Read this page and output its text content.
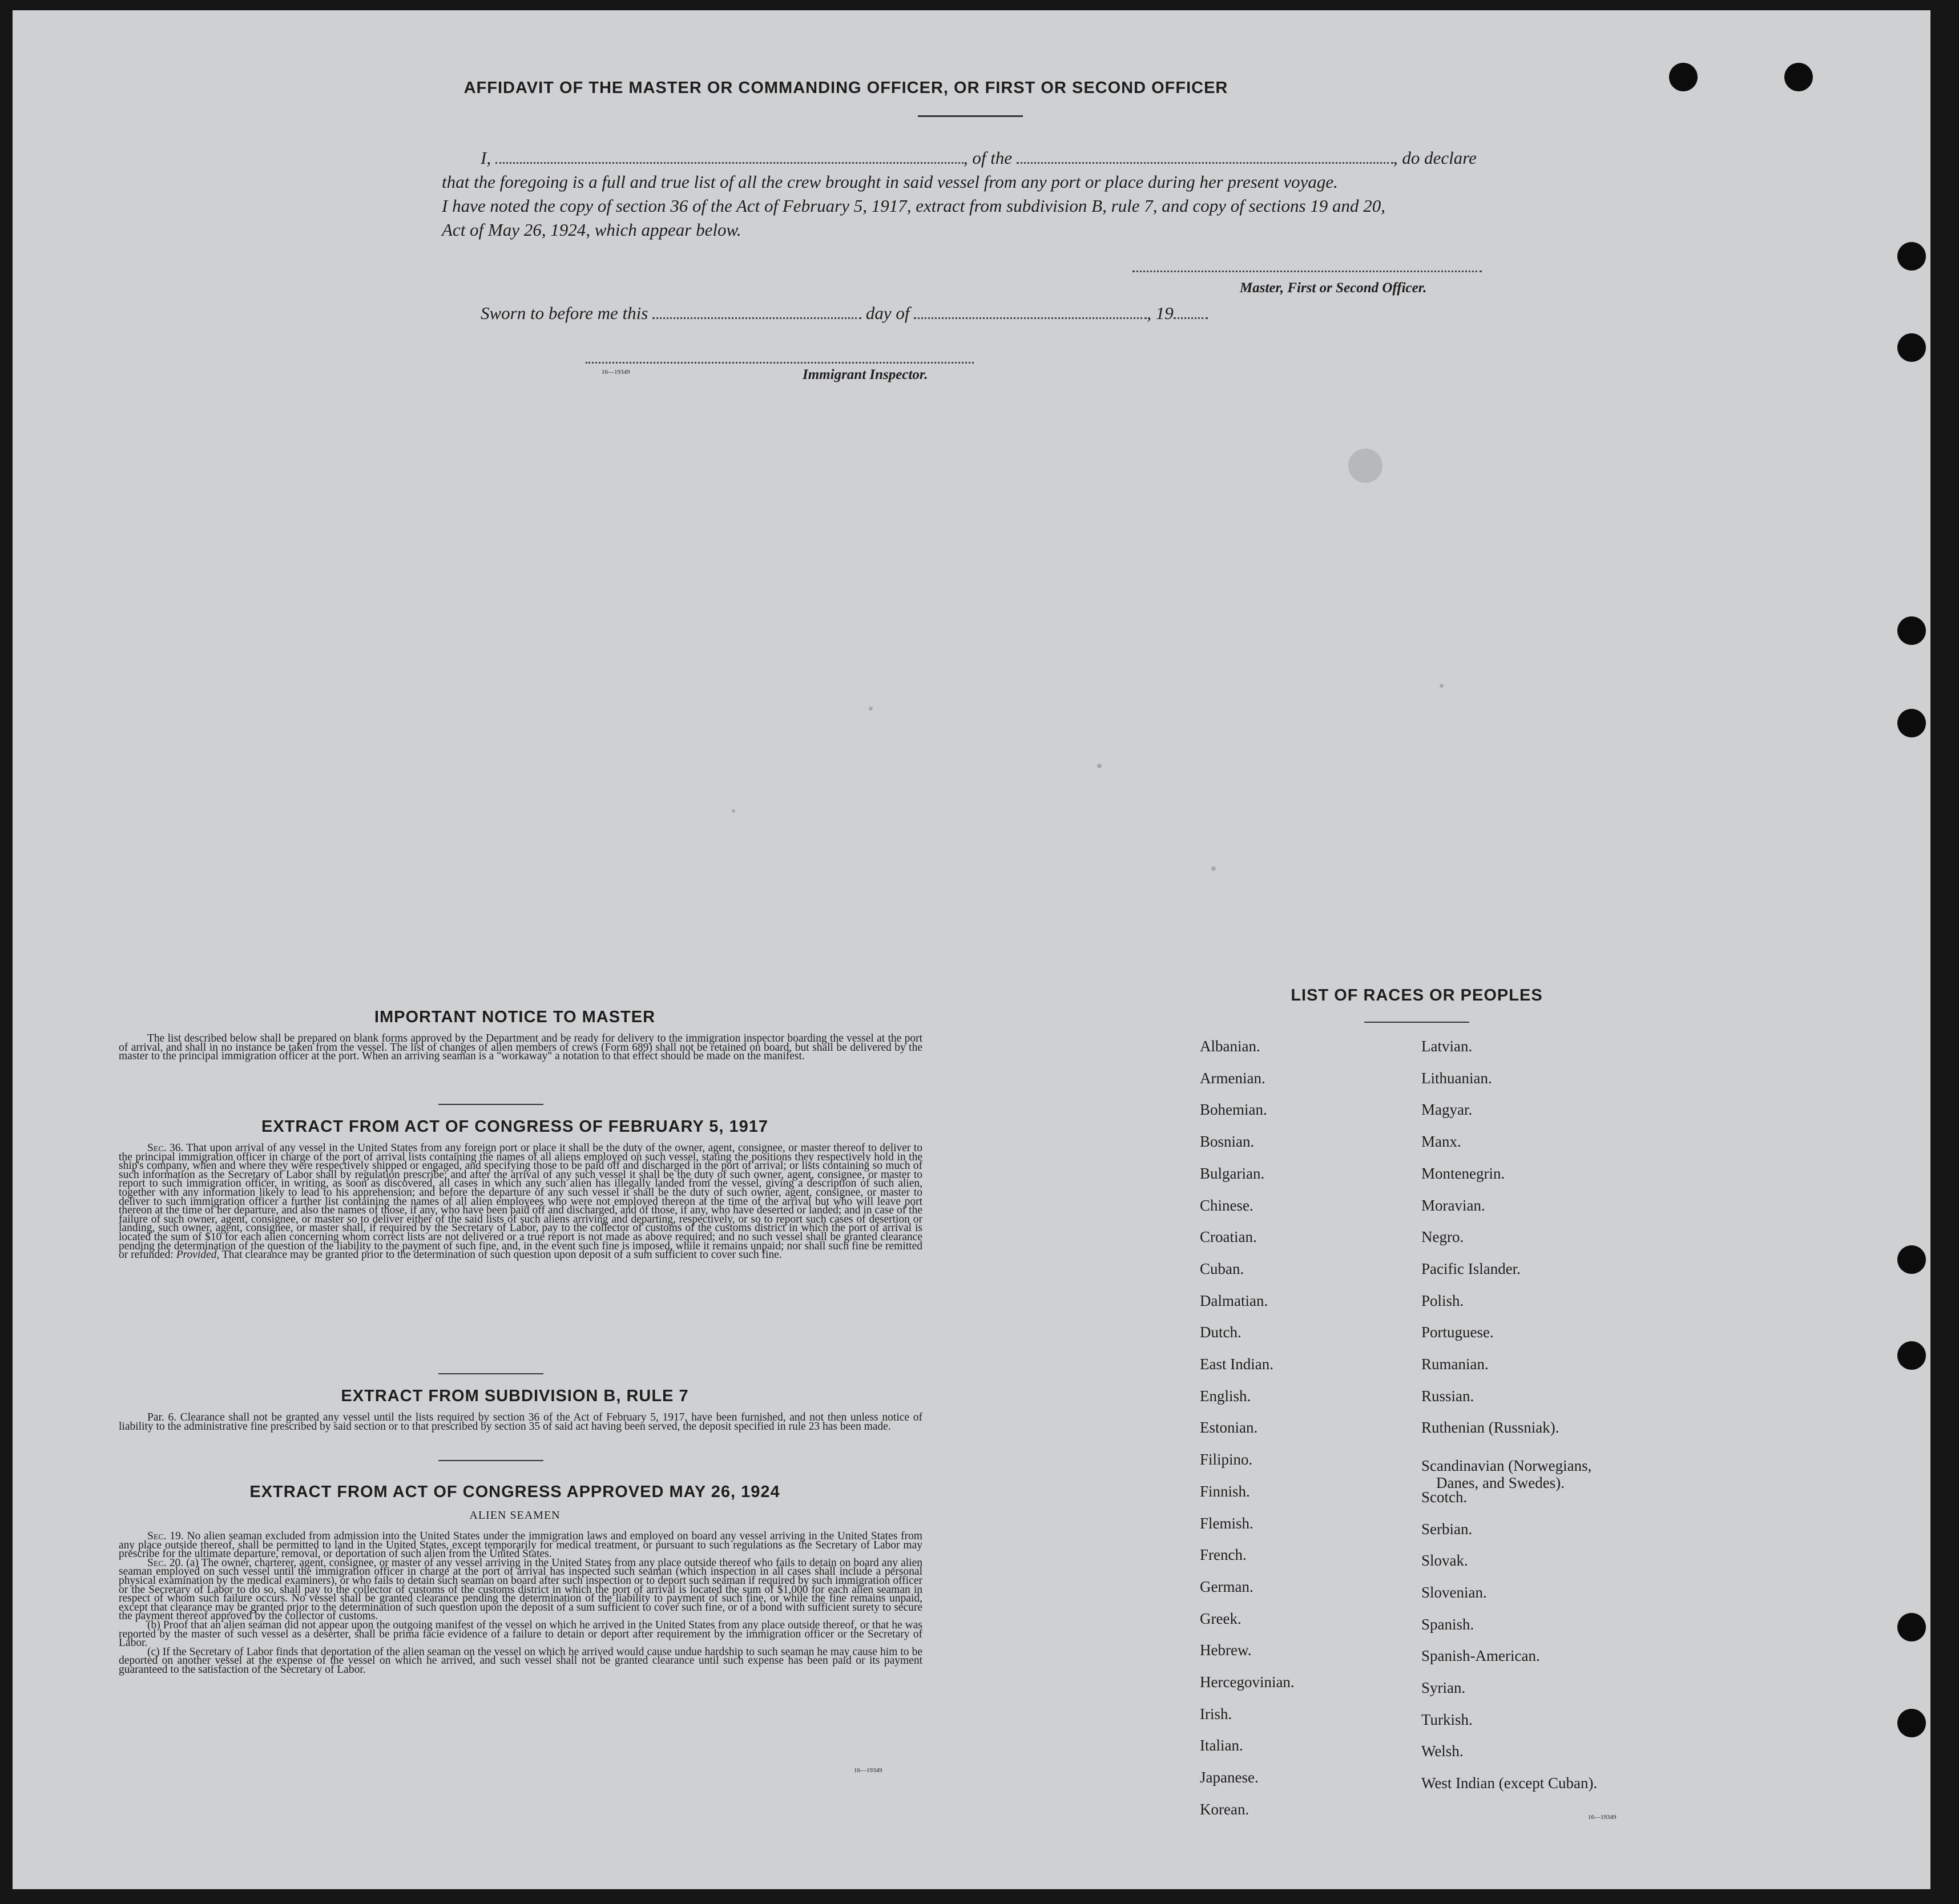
AFFIDAVIT OF THE MASTER OR COMMANDING OFFICER, OR FIRST OR SECOND OFFICER
I,	, of the	, do declare
that the foregoing is a full and true list of all the crew brought in said vessel from any port or place during her present voyage.
I have noted the copy of section 36 of the Act of February 5, 1917, extract from subdivision B, rule 7, and copy of sections 19 and 20,
Act of May 26, 1924, which appear below.
Master, First or Second Officer.
Sworn to before me this	day of	, 19
16—19349	Immigrant Inspector.
IMPORTANT NOTICE TO MASTER
The list described below shall be prepared on blank forms approved by the Department and be ready for delivery to the immigration inspector boarding the vessel at the port of arrival, and shall in no instance be taken from the vessel. The list of changes of alien members of crews (Form 689) shall not be retained on board, but shall be delivered by the master to the principal immigration officer at the port. When an arriving seaman is a "workaway" a notation to that effect should be made on the manifest.
EXTRACT FROM ACT OF CONGRESS OF FEBRUARY 5, 1917
Sec. 36. That upon arrival of any vessel in the United States from any foreign port or place it shall be the duty of the owner, agent, consignee, or master thereof to deliver to the principal immigration officer in charge of the port of arrival lists containing the names of all aliens employed on such vessel, stating the positions they respectively hold in the ship's company, when and where they were respectively shipped or engaged, and specifying those to be paid off and discharged in the port of arrival; or lists containing so much of such information as the Secretary of Labor shall by regulation prescribe; and after the arrival of any such vessel it shall be the duty of such owner, agent, consignee, or master to report to such immigration officer, in writing, as soon as discovered, all cases in which any such alien has illegally landed from the vessel, giving a description of such alien, together with any information likely to lead to his apprehension; and before the departure of any such vessel it shall be the duty of such owner, agent, consignee, or master to deliver to such immigration officer a further list containing the names of all alien employees who were not employed thereon at the time of the arrival but who will leave port thereon at the time of her departure, and also the names of those, if any, who have been paid off and discharged, and of those, if any, who have deserted or landed; and in case of the failure of such owner, agent, consignee, or master so to deliver either of the said lists of such aliens arriving and departing, respectively, or so to report such cases of desertion or landing, such owner, agent, consignee, or master shall, if required by the Secretary of Labor, pay to the collector of customs of the customs district in which the port of arrival is located the sum of $10 for each alien concerning whom correct lists are not delivered or a true report is not made as above required; and no such vessel shall be granted clearance pending the determination of the question of the liability to the payment of such fine, and, in the event such fine is imposed, while it remains unpaid; nor shall such fine be remitted or refunded: Provided, That clearance may be granted prior to the determination of such question upon deposit of a sum sufficient to cover such fine.
EXTRACT FROM SUBDIVISION B, RULE 7
Par. 6. Clearance shall not be granted any vessel until the lists required by section 36 of the Act of February 5, 1917, have been furnished, and not then unless notice of liability to the administrative fine prescribed by said section or to that prescribed by section 35 of said act having been served, the deposit specified in rule 23 has been made.
EXTRACT FROM ACT OF CONGRESS APPROVED MAY 26, 1924
ALIEN SEAMEN
Sec. 19. No alien seaman excluded from admission into the United States under the immigration laws and employed on board any vessel arriving in the United States from any place outside thereof, shall be permitted to land in the United States, except temporarily for medical treatment, or pursuant to such regulations as the Secretary of Labor may prescribe for the ultimate departure, removal, or deportation of such alien from the United States.
Sec. 20. (a) The owner, charterer, agent, consignee, or master of any vessel arriving in the United States from any place outside thereof who fails to detain on board any alien seaman employed on such vessel until the immigration officer in charge at the port of arrival has inspected such seaman (which inspection in all cases shall include a personal physical examination by the medical examiners), or who fails to detain such seaman on board after such inspection or to deport such seaman if required by such immigration officer or the Secretary of Labor to do so, shall pay to the collector of customs of the customs district in which the port of arrival is located the sum of $1,000 for each alien seaman in respect of whom such failure occurs. No vessel shall be granted clearance pending the determination of the liability to payment of such fine, or while the fine remains unpaid, except that clearance may be granted prior to the determination of such question upon the deposit of a sum sufficient to cover such fine, or of a bond with sufficient surety to secure the payment thereof approved by the collector of customs.
(b) Proof that an alien seaman did not appear upon the outgoing manifest of the vessel on which he arrived in the United States from any place outside thereof, or that he was reported by the master of such vessel as a deserter, shall be prima facie evidence of a failure to detain or deport after requirement by the immigration officer or the Secretary of Labor.
(c) If the Secretary of Labor finds that deportation of the alien seaman on the vessel on which he arrived would cause undue hardship to such seaman he may cause him to be deported on another vessel at the expense of the vessel on which he arrived, and such vessel shall not be granted clearance until such expense has been paid or its payment guaranteed to the satisfaction of the Secretary of Labor.
16—19349
LIST OF RACES OR PEOPLES
16—19349
Albanian.
Armenian.
Bohemian.
Bosnian.
Bulgarian.
Chinese.
Croatian.
Cuban.
Dalmatian.
Dutch.
East Indian.
English.
Estonian.
Filipino.
Finnish.
Flemish.
French.
German.
Greek.
Hebrew.
Hercegovinian.
Irish.
Italian.
Japanese.
Korean.
Latvian.
Lithuanian.
Magyar.
Manx.
Montenegrin.
Moravian.
Negro.
Pacific Islander.
Polish.
Portuguese.
Rumanian.
Russian.
Ruthenian (Russniak).
Scandinavian (Norwegians,
Danes, and Swedes).
Scotch.
Serbian.
Slovak.
Slovenian.
Spanish.
Spanish-American.
Syrian.
Turkish.
Welsh.
West Indian (except Cuban).
